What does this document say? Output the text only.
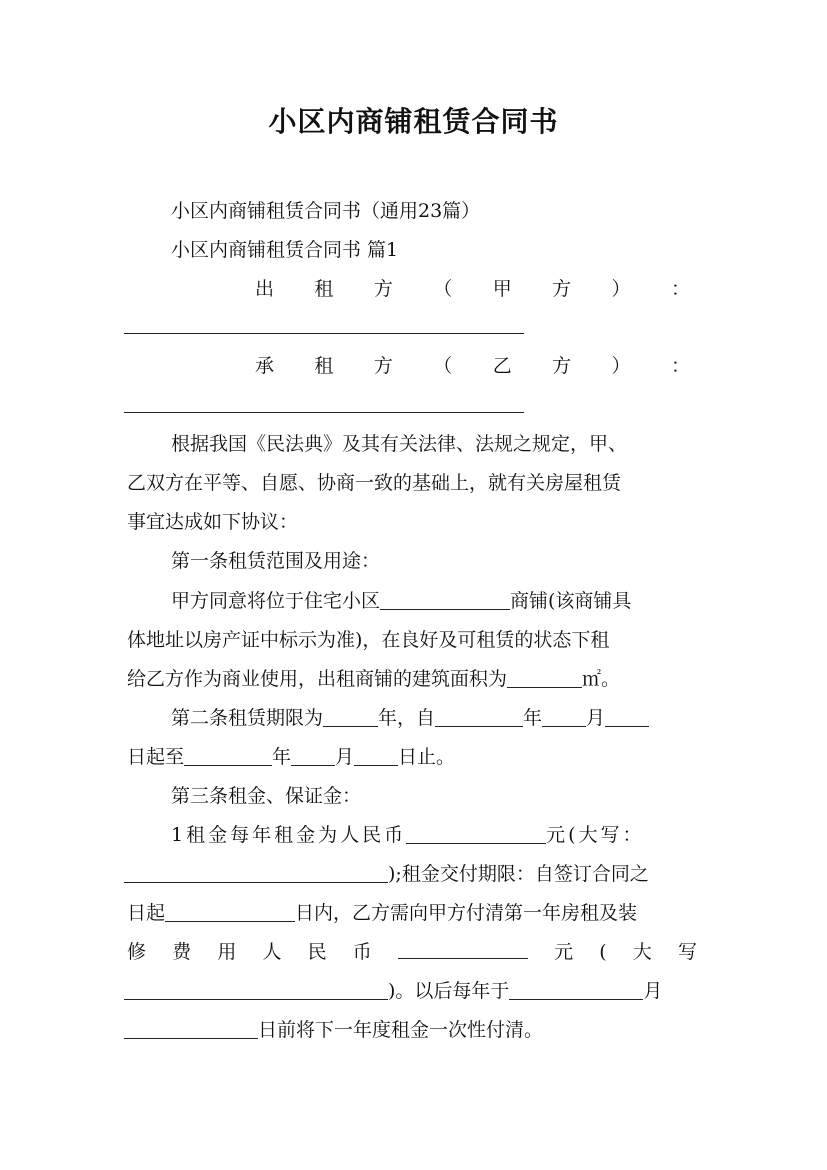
小区内商铺租赁合同书
小区内商铺租赁合同书（通用23篇）
小区内商铺租赁合同书 篇1
出 租 方 （ 甲 方 ） ：
承 租 方 （ 乙 方 ） ：
根据我国《民法典》及其有关法律、法规之规定，甲、
乙双方在平等、自愿、协商一致的基础上，就有关房屋租赁
事宜达成如下协议：
第一条租赁范围及用途：
甲方同意将位于住宅小区	商铺(该商铺具
体地址以房产证中标示为准)，在良好及可租赁的状态下租
给乙方作为商业使用，出租商铺的建筑面积为	㎡。
第二条租赁期限为	年，自	年 月
日起至	年 月 日止。
第三条租金、保证金：
1租金每年租金为人民币	元(大写：
);租金交付期限：自签订合同之
日起	日内，乙方需向甲方付清第一年房租及装
修 费 用 人 民 币	元 ( 大 写
)。以后每年于	月
日前将下一年度租金一次性付清。
